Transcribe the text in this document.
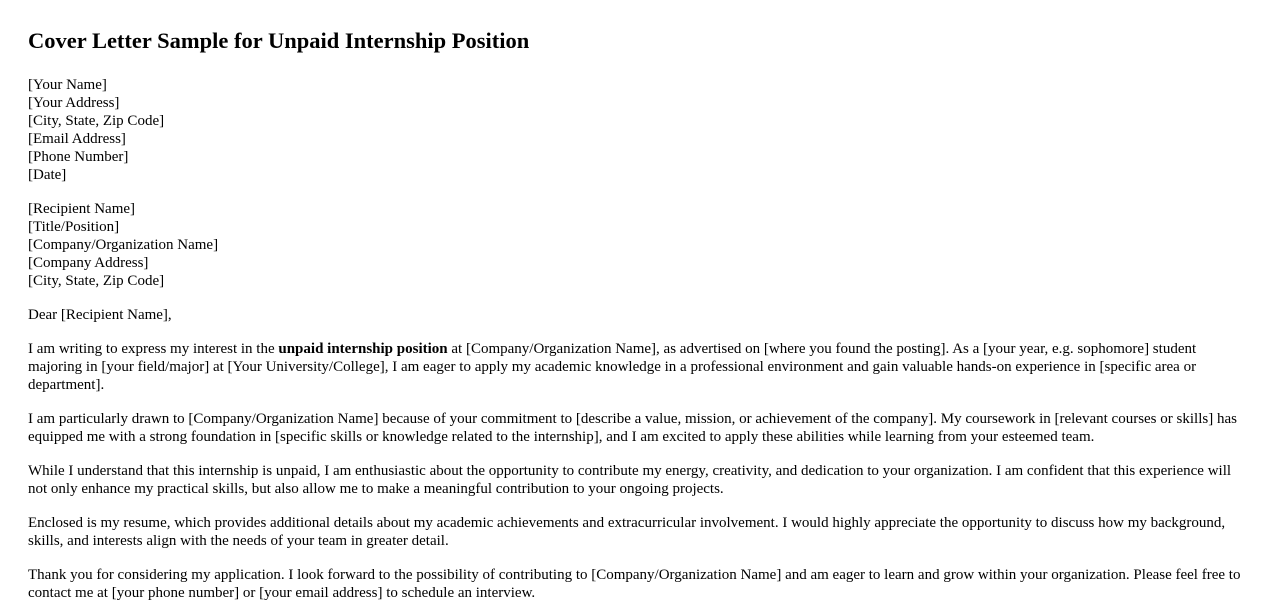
Cover Letter Sample for Unpaid Internship Position
[Your Name]
[Your Address]
[City, State, Zip Code]
[Email Address]
[Phone Number]
[Date]
[Recipient Name]
[Title/Position]
[Company/Organization Name]
[Company Address]
[City, State, Zip Code]

Dear [Recipient Name],

I am writing to express my interest in the unpaid internship position at [Company/Organization Name], as advertised on [where you found the posting]. As a [your year, e.g. sophomore] student majoring in [your field/major] at [Your University/College], I am eager to apply my academic knowledge in a professional environment and gain valuable hands-on experience in [specific area or department].

I am particularly drawn to [Company/Organization Name] because of your commitment to [describe a value, mission, or achievement of the company]. My coursework in [relevant courses or skills] has equipped me with a strong foundation in [specific skills or knowledge related to the internship], and I am excited to apply these abilities while learning from your esteemed team.

While I understand that this internship is unpaid, I am enthusiastic about the opportunity to contribute my energy, creativity, and dedication to your organization. I am confident that this experience will not only enhance my practical skills, but also allow me to make a meaningful contribution to your ongoing projects.

Enclosed is my resume, which provides additional details about my academic achievements and extracurricular involvement. I would highly appreciate the opportunity to discuss how my background, skills, and interests align with the needs of your team in greater detail.

Thank you for considering my application. I look forward to the possibility of contributing to [Company/Organization Name] and am eager to learn and grow within your organization. Please feel free to contact me at [your phone number] or [your email address] to schedule an interview.
